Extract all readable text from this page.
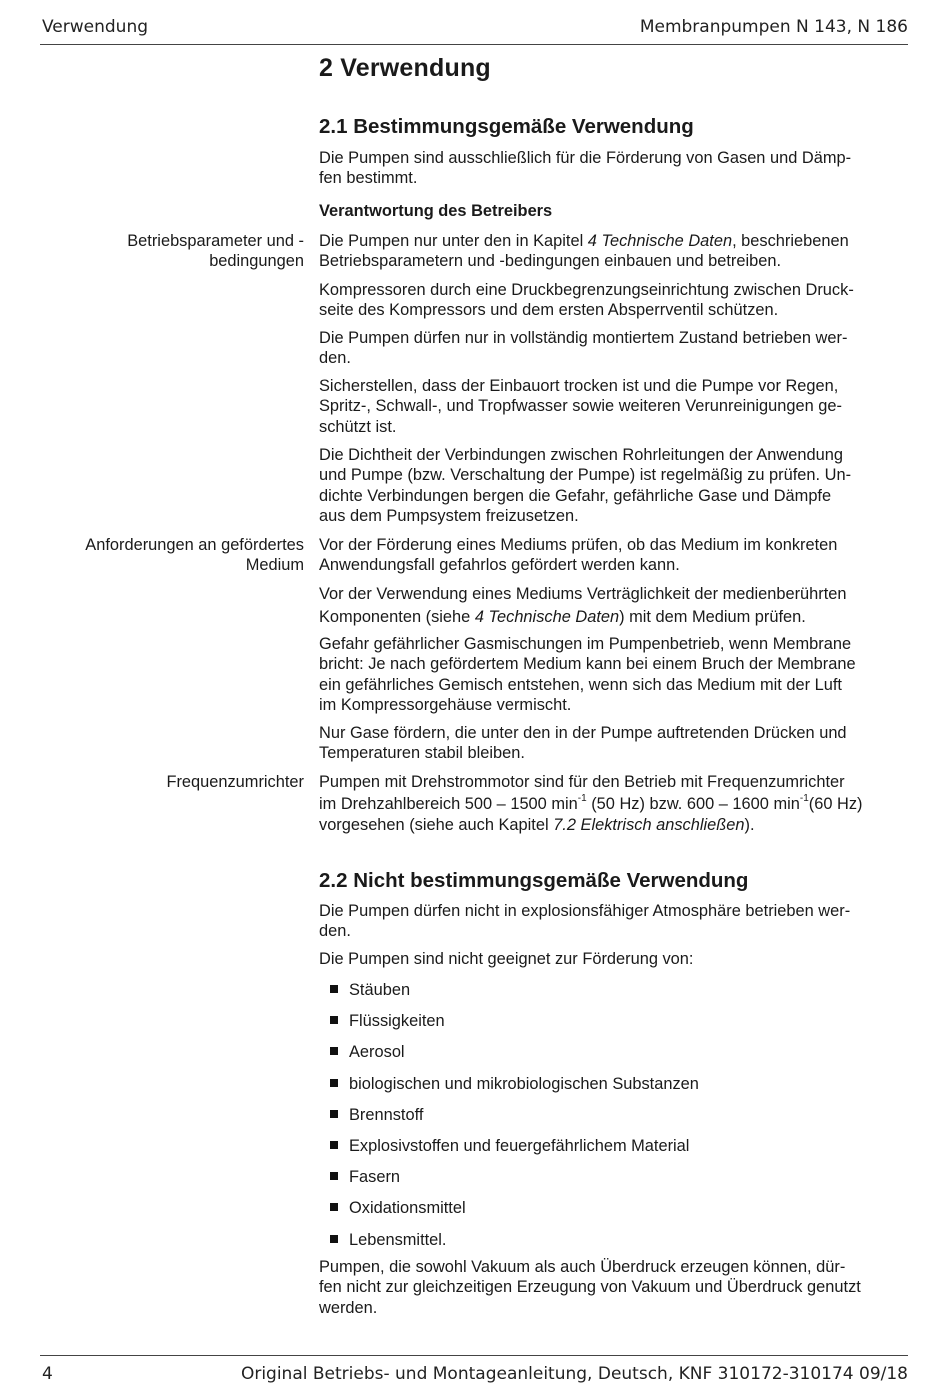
Verwendung	Membranpumpen N 143, N 186
2 Verwendung
2.1 Bestimmungsgemäße Verwendung
Die Pumpen sind ausschließlich für die Förderung von Gasen und Dämp-
fen bestimmt.
Verantwortung des Betreibers
Betriebsparameter und -
bedingungen
Die Pumpen nur unter den in Kapitel 4 Technische Daten, beschriebenen
Betriebsparametern und -bedingungen einbauen und betreiben.
Kompressoren durch eine Druckbegrenzungseinrichtung zwischen Druck-
seite des Kompressors und dem ersten Absperrventil schützen.
Die Pumpen dürfen nur in vollständig montiertem Zustand betrieben wer-
den.
Sicherstellen, dass der Einbauort trocken ist und die Pumpe vor Regen,
Spritz-, Schwall-, und Tropfwasser sowie weiteren Verunreinigungen ge-
schützt ist.
Die Dichtheit der Verbindungen zwischen Rohrleitungen der Anwendung
und Pumpe (bzw. Verschaltung der Pumpe) ist regelmäßig zu prüfen. Un-
dichte Verbindungen bergen die Gefahr, gefährliche Gase und Dämpfe
aus dem Pumpsystem freizusetzen.
Anforderungen an gefördertes
Medium
Vor der Förderung eines Mediums prüfen, ob das Medium im konkreten
Anwendungsfall gefahrlos gefördert werden kann.
Vor der Verwendung eines Mediums Verträglichkeit der medienberührten
Komponenten (siehe 4 Technische Daten) mit dem Medium prüfen.
Gefahr gefährlicher Gasmischungen im Pumpenbetrieb, wenn Membrane
bricht: Je nach gefördertem Medium kann bei einem Bruch der Membrane
ein gefährliches Gemisch entstehen, wenn sich das Medium mit der Luft
im Kompressorgehäuse vermischt.
Nur Gase fördern, die unter den in der Pumpe auftretenden Drücken und
Temperaturen stabil bleiben.
Frequenzumrichter Pumpen mit Drehstrommotor sind für den Betrieb mit Frequenzumrichter
im Drehzahlbereich 500 – 1500 $\min^{-1} (50$ Hz) bzw. 600 – 1600 $\min^{-1}(60$ Hz)
vorgesehen (siehe auch Kapitel 7.2 Elektrisch anschließen).
2.2 Nicht bestimmungsgemäße Verwendung
Die Pumpen dürfen nicht in explosionsfähiger Atmosphäre betrieben wer-
den.
Die Pumpen sind nicht geeignet zur Förderung von:
Stäuben
Flüssigkeiten
Aerosol
biologischen und mikrobiologischen Substanzen
Brennstoff
Explosivstoffen und feuergefährlichem Material
Fasern
Oxidationsmittel
Lebensmittel.
Pumpen, die sowohl Vakuum als auch Überdruck erzeugen können, dür-
fen nicht zur gleichzeitigen Erzeugung von Vakuum und Überdruck genutzt
werden.
4	Original Betriebs- und Montageanleitung, Deutsch, KNF 310172-310174 09/18
